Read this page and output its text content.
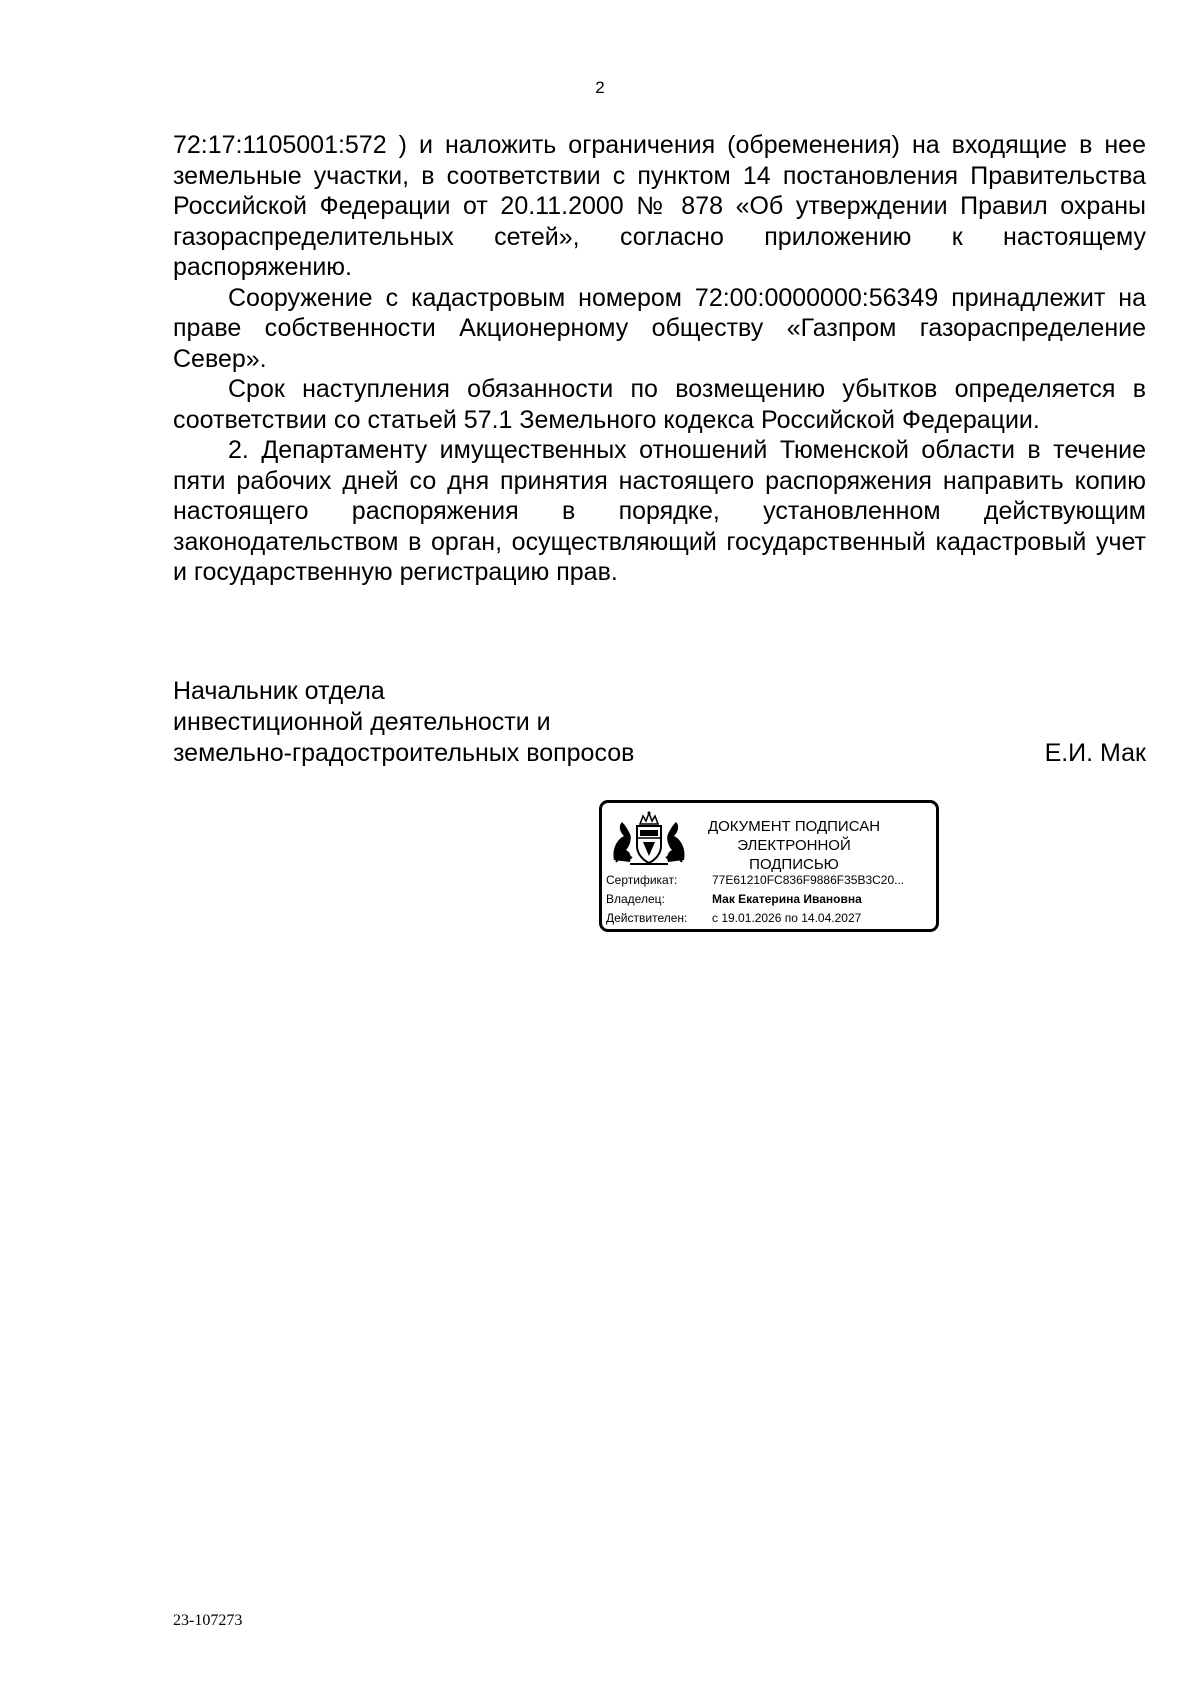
2

72:17:1105001:572 ) и наложить ограничения (обременения) на входящие в нее земельные участки, в соответствии с пунктом 14 постановления Правительства Российской Федерации от 20.11.2000 № 878 «Об утверждении Правил охраны газораспределительных сетей», согласно приложению к настоящему распоряжению.

Сооружение с кадастровым номером 72:00:0000000:56349 принадлежит на праве собственности Акционерному обществу «Газпром газораспределение Север».

Срок наступления обязанности по возмещению убытков определяется в соответствии со статьей 57.1 Земельного кодекса Российской Федерации.

2. Департаменту имущественных отношений Тюменской области в течение пяти рабочих дней со дня принятия настоящего распоряжения направить копию настоящего распоряжения в порядке, установленном действующим законодательством в орган, осуществляющий государственный кадастровый учет и государственную регистрацию прав.

Начальник отдела
инвестиционной деятельности и
земельно-градостроительных вопросов	Е.И. Мак
ДОКУМЕНТ ПОДПИСАН
ЭЛЕКТРОННОЙ ПОДПИСЬЮ
Сертификат:	77E61210FC836F9886F35B3C20...
Владелец:	Мак Екатерина Ивановна
Действителен:	с 19.01.2026 по 14.04.2027
23-107273
